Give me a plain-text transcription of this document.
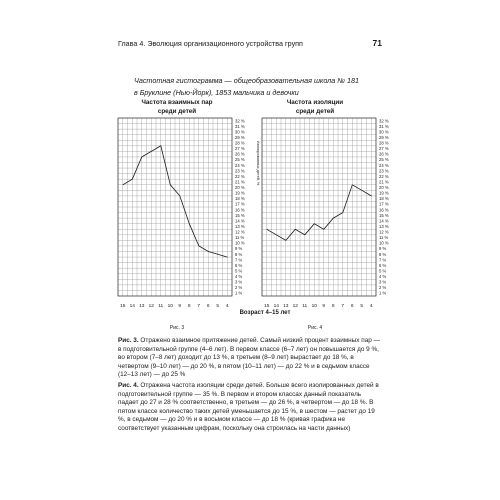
Глава 4. Эволюция организационного устройства групп	71
Частотная гистограмма — общеобразовательная школа № 181
в Бруклине (Нью-Йорк), 1853 мальчика и девочки
Частота взаимных пар
среди детей
32 %
31 %
30 %
29 %
28 %
27 %
26 %
25 %
24 %
23 %
22 %
21 %
20 %
19 %
18 %
17 %
16 %
15 %
14 %
13 %
12 %
11 %
10 %
9 %
8 %
7 %
6 %
5 %
4 %
3 %
2 %
1 %
15 14 13 12 11 10 9 8 7 6 5 4
Рис. 3
Частота изоляции
среди детей
32 %
31 %
30 %
29 %
28 %
27 %
26 %
25 %
24 %
23 %
22 %
21 %
20 %
19 %
18 %
17 %
16 %
15 %
14 %
13 %
12 %
11 %
10 %
9 %
8 %
7 %
6 %
5 %
4 %
3 %
2 %
1 %
15 14 13 12 11 10 9 8 7 6 5 4
Изолированных детей, %
Рис. 4
Возраст 4–15 лет
Рис. 3. Отражено взаимное притяжение детей. Самый низкий процент взаимных пар — в подготовительной группе (4–6 лет). В первом классе (6–7 лет) он повышается до 9 %, во втором (7–8 лет) доходит до 13 %, в третьем (8–9 лет) вырастает до 18 %, в четвертом (9–10 лет) — до 20 %, в пятом (10–11 лет) — до 22 % и в седьмом классе (12–13 лет) — до 25 %
Рис. 4. Отражена частота изоляции среди детей. Больше всего изолированных детей в подготовительной группе — 35 %. В первом и втором классах данный показатель падает до 27 и 28 % соответственно, в третьем — до 26 %, в четвертом — до 18 %. В пятом классе количество таких детей уменьшается до 15 %, в шестом — растет до 19 %, в седьмом — до 20 % и в восьмом классе — до 18 % (кривая графика не соответствует указанным цифрам, поскольку она строилась на части данных)
